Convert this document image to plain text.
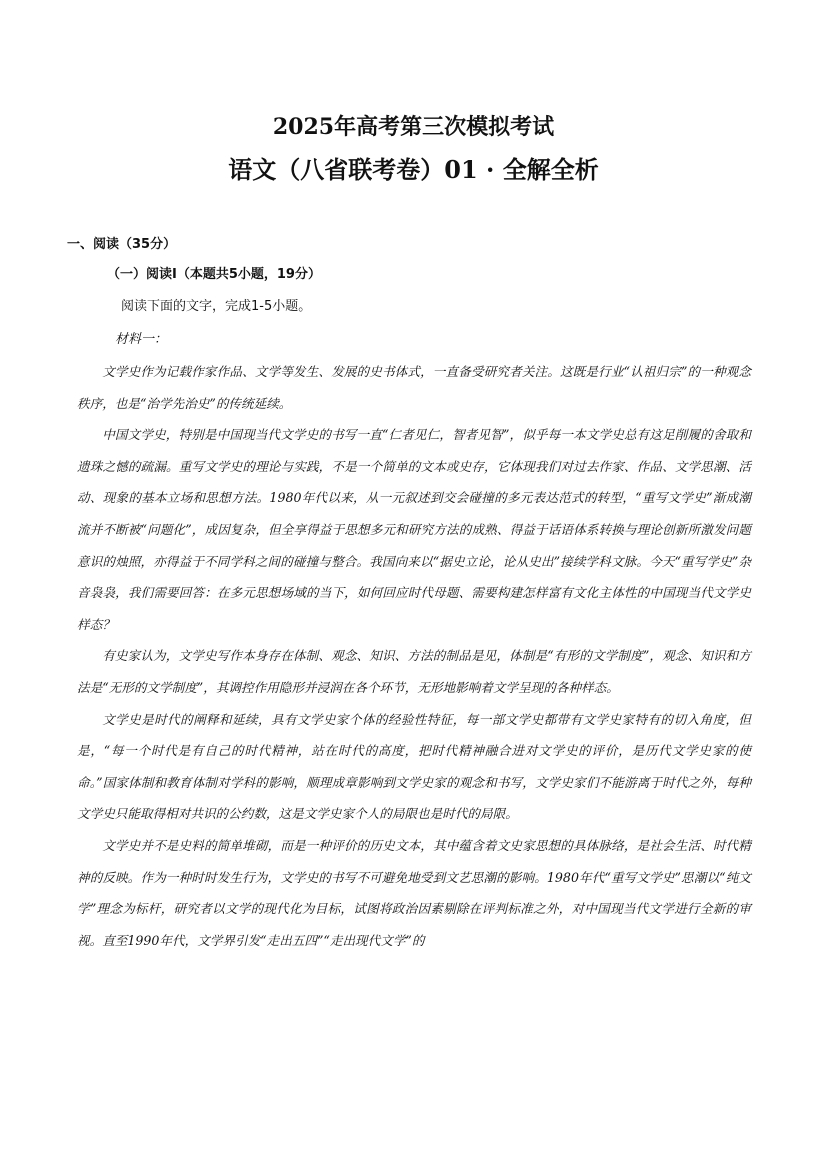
2025年高考第三次模拟考试
语文（八省联考卷）01 · 全解全析
一、阅读（35分）
（一）阅读Ⅰ（本题共5小题，19分）
阅读下面的文字，完成1-5小题。
材料一：

文学史作为记载作家作品、文学等发生、发展的史书体式，一直备受研究者关注。这既是行业“认祖归宗”的一种观念秩序，也是“治学先治史”的传统延续。

中国文学史，特别是中国现当代文学史的书写一直“仁者见仁，智者见智”，似乎每一本文学史总有这足削履的舍取和遗珠之憾的疏漏。重写文学史的理论与实践，不是一个简单的文本或史存，它体现我们对过去作家、作品、文学思潮、活动、现象的基本立场和思想方法。1980年代以来，从一元叙述到交会碰撞的多元表达范式的转型，“重写文学史”渐成潮流并不断被“问题化”，成因复杂，但全享得益于思想多元和研究方法的成熟、得益于话语体系转换与理论创新所激发问题意识的烛照，亦得益于不同学科之间的碰撞与整合。我国向来以“据史立论，论从史出”接续学科文脉。今天“重写学史”杂音袅袅，我们需要回答：在多元思想场域的当下，如何回应时代母题、需要构建怎样富有文化主体性的中国现当代文学史样态？

有史家认为，文学史写作本身存在体制、观念、知识、方法的制品是见，体制是“有形的文学制度”，观念、知识和方法是“无形的文学制度”，其调控作用隐形并浸润在各个环节，无形地影响着文学呈现的各种样态。

文学史是时代的阐释和延续，具有文学史家个体的经验性特征，每一部文学史都带有文学史家特有的切入角度，但是，“每一个时代是有自己的时代精神，站在时代的高度，把时代精神融合进对文学史的评价，是历代文学史家的使命。”国家体制和教育体制对学科的影响，顺理成章影响到文学史家的观念和书写，文学史家们不能游离于时代之外，每种文学史只能取得相对共识的公约数，这是文学史家个人的局限也是时代的局限。

文学史并不是史料的简单堆砌，而是一种评价的历史文本，其中蕴含着文史家思想的具体脉络，是社会生活、时代精神的反映。作为一种时时发生行为，文学史的书写不可避免地受到文艺思潮的影响。1980年代“重写文学史”思潮以“纯文学”理念为标杆，研究者以文学的现代化为目标，试图将政治因素剔除在评判标准之外，对中国现当代文学进行全新的审视。直至1990年代，文学界引发“走出五四”“走出现代文学”的
